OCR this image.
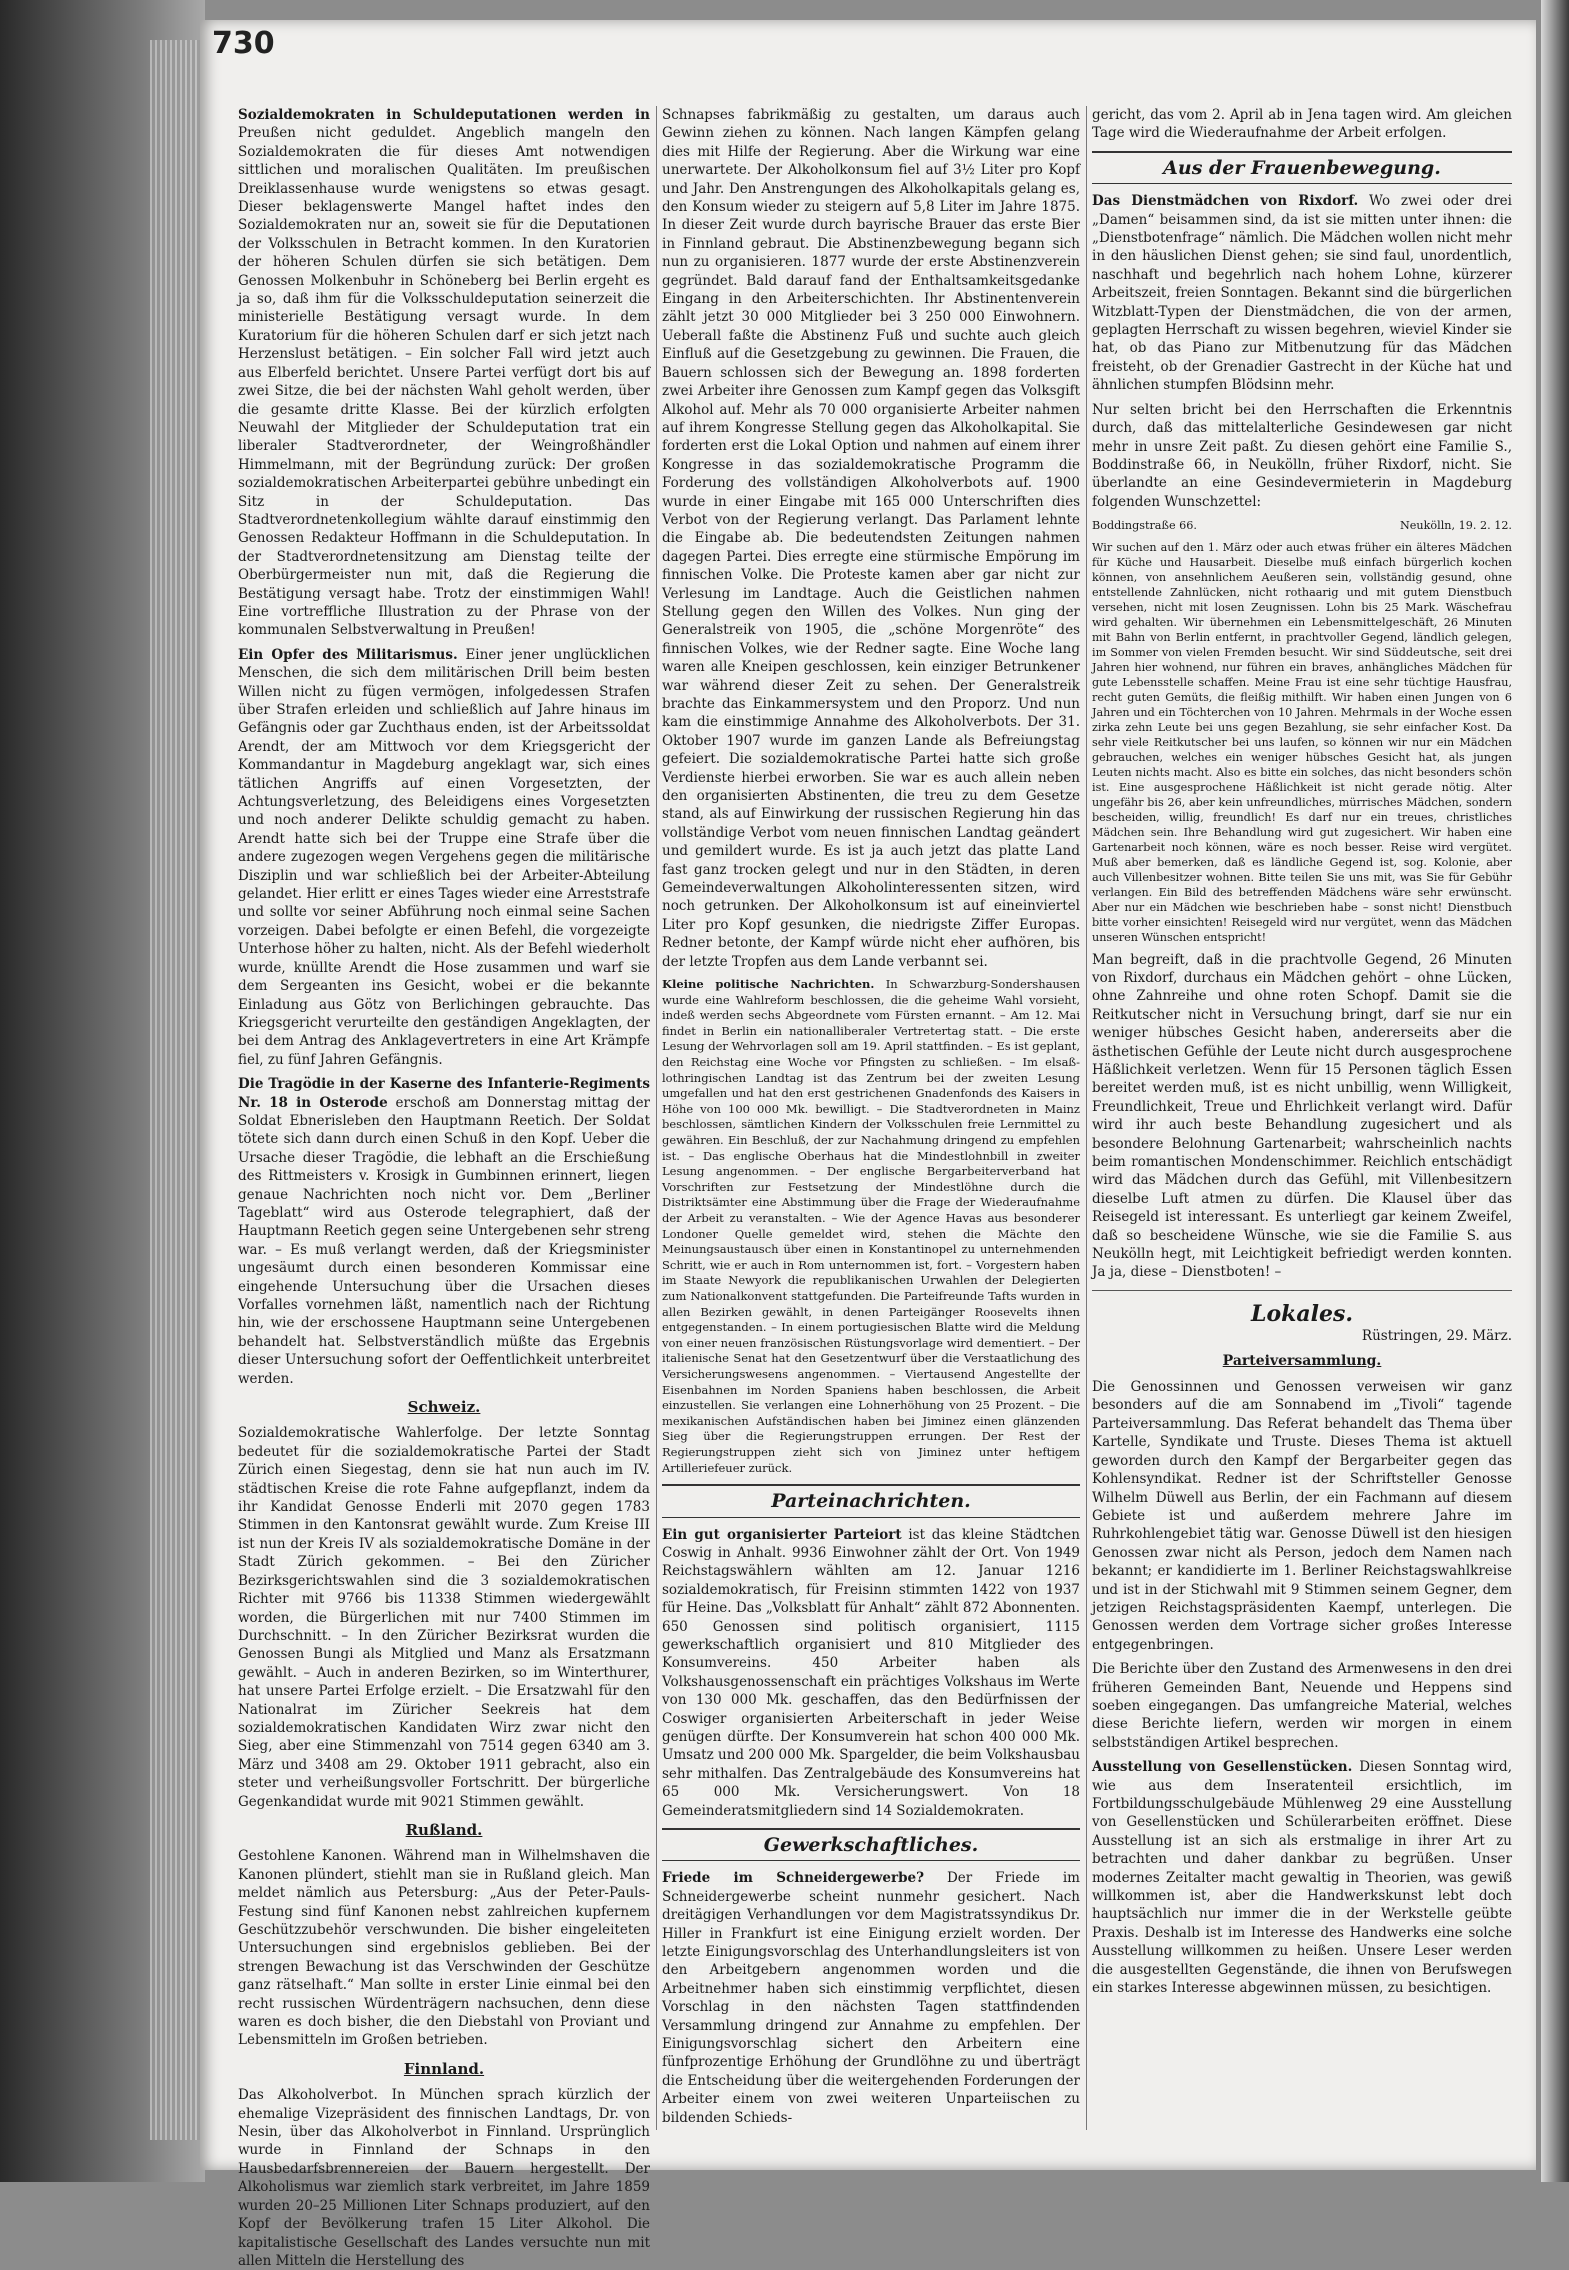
730

Sozialdemokraten in Schuldeputationen werden in Preußen nicht geduldet. Angeblich mangeln den Sozialdemokraten die für dieses Amt notwendigen sittlichen und moralischen Qualitäten. Im preußischen Dreiklassenhause wurde wenigstens so etwas gesagt. Dieser beklagenswerte Mangel haftet indes den Sozialdemokraten nur an, soweit sie für die Deputationen der Volksschulen in Betracht kommen. In den Kuratorien der höheren Schulen dürfen sie sich betätigen. Dem Genossen Molkenbuhr in Schöneberg bei Berlin ergeht es ja so, daß ihm für die Volksschuldeputation seinerzeit die ministerielle Bestätigung versagt wurde. In dem Kuratorium für die höheren Schulen darf er sich jetzt nach Herzenslust betätigen. – Ein solcher Fall wird jetzt auch aus Elberfeld berichtet. Unsere Partei verfügt dort bis auf zwei Sitze, die bei der nächsten Wahl geholt werden, über die gesamte dritte Klasse. Bei der kürzlich erfolgten Neuwahl der Mitglieder der Schuldeputation trat ein liberaler Stadtverordneter, der Weingroßhändler Himmelmann, mit der Begründung zurück: Der großen sozialdemokratischen Arbeiterpartei gebühre unbedingt ein Sitz in der Schuldeputation. Das Stadtverordnetenkollegium wählte darauf einstimmig den Genossen Redakteur Hoffmann in die Schuldeputation. In der Stadtverordnetensitzung am Dienstag teilte der Oberbürgermeister nun mit, daß die Regierung die Bestätigung versagt habe. Trotz der einstimmigen Wahl! Eine vortreffliche Illustration zu der Phrase von der kommunalen Selbstverwaltung in Preußen!

Ein Opfer des Militarismus. Einer jener unglücklichen Menschen, die sich dem militärischen Drill beim besten Willen nicht zu fügen vermögen, infolgedessen Strafen über Strafen erleiden und schließlich auf Jahre hinaus im Gefängnis oder gar Zuchthaus enden, ist der Arbeitssoldat Arendt, der am Mittwoch vor dem Kriegsgericht der Kommandantur in Magdeburg angeklagt war, sich eines tätlichen Angriffs auf einen Vorgesetzten, der Achtungsverletzung, des Beleidigens eines Vorgesetzten und noch anderer Delikte schuldig gemacht zu haben. Arendt hatte sich bei der Truppe eine Strafe über die andere zugezogen wegen Vergehens gegen die militärische Disziplin und war schließlich bei der Arbeiter-Abteilung gelandet. Hier erlitt er eines Tages wieder eine Arreststrafe und sollte vor seiner Abführung noch einmal seine Sachen vorzeigen. Dabei befolgte er einen Befehl, die vorgezeigte Unterhose höher zu halten, nicht. Als der Befehl wiederholt wurde, knüllte Arendt die Hose zusammen und warf sie dem Sergeanten ins Gesicht, wobei er die bekannte Einladung aus Götz von Berlichingen gebrauchte. Das Kriegsgericht verurteilte den geständigen Angeklagten, der bei dem Antrag des Anklagevertreters in eine Art Krämpfe fiel, zu fünf Jahren Gefängnis.

Die Tragödie in der Kaserne des Infanterie-Regiments Nr. 18 in Osterode erschoß am Donnerstag mittag der Soldat Ebnerisleben den Hauptmann Reetich. Der Soldat tötete sich dann durch einen Schuß in den Kopf. Ueber die Ursache dieser Tragödie, die lebhaft an die Erschießung des Rittmeisters v. Krosigk in Gumbinnen erinnert, liegen genaue Nachrichten noch nicht vor. Dem „Berliner Tageblatt“ wird aus Osterode telegraphiert, daß der Hauptmann Reetich gegen seine Untergebenen sehr streng war. – Es muß verlangt werden, daß der Kriegsminister ungesäumt durch einen besonderen Kommissar eine eingehende Untersuchung über die Ursachen dieses Vorfalles vornehmen läßt, namentlich nach der Richtung hin, wie der erschossene Hauptmann seine Untergebenen behandelt hat. Selbstverständlich müßte das Ergebnis dieser Untersuchung sofort der Oeffentlichkeit unterbreitet werden.

Schweiz.

Sozialdemokratische Wahlerfolge. Der letzte Sonntag bedeutet für die sozialdemokratische Partei der Stadt Zürich einen Siegestag, denn sie hat nun auch im IV. städtischen Kreise die rote Fahne aufgepflanzt, indem da ihr Kandidat Genosse Enderli mit 2070 gegen 1783 Stimmen in den Kantonsrat gewählt wurde. Zum Kreise III ist nun der Kreis IV als sozialdemokratische Domäne in der Stadt Zürich gekommen. – Bei den Züricher Bezirksgerichtswahlen sind die 3 sozialdemokratischen Richter mit 9766 bis 11338 Stimmen wiedergewählt worden, die Bürgerlichen mit nur 7400 Stimmen im Durchschnitt. – In den Züricher Bezirksrat wurden die Genossen Bungi als Mitglied und Manz als Ersatzmann gewählt. – Auch in anderen Bezirken, so im Winterthurer, hat unsere Partei Erfolge erzielt. – Die Ersatzwahl für den Nationalrat im Züricher Seekreis hat dem sozialdemokratischen Kandidaten Wirz zwar nicht den Sieg, aber eine Stimmenzahl von 7514 gegen 6340 am 3. März und 3408 am 29. Oktober 1911 gebracht, also ein steter und verheißungsvoller Fortschritt. Der bürgerliche Gegenkandidat wurde mit 9021 Stimmen gewählt.

Rußland.

Gestohlene Kanonen. Während man in Wilhelmshaven die Kanonen plündert, stiehlt man sie in Rußland gleich. Man meldet nämlich aus Petersburg: „Aus der Peter-Pauls-Festung sind fünf Kanonen nebst zahlreichen kupfernem Geschützzubehör verschwunden. Die bisher eingeleiteten Untersuchungen sind ergebnislos geblieben. Bei der strengen Bewachung ist das Verschwinden der Geschütze ganz rätselhaft.“ Man sollte in erster Linie einmal bei den recht russischen Würdenträgern nachsuchen, denn diese waren es doch bisher, die den Diebstahl von Proviant und Lebensmitteln im Großen betrieben.

Finnland.

Das Alkoholverbot. In München sprach kürzlich der ehemalige Vizepräsident des finnischen Landtags, Dr. von Nesin, über das Alkoholverbot in Finnland. Ursprünglich wurde in Finnland der Schnaps in den Hausbedarfsbrennereien der Bauern hergestellt. Der Alkoholismus war ziemlich stark verbreitet, im Jahre 1859 wurden 20–25 Millionen Liter Schnaps produziert, auf den Kopf der Bevölkerung trafen 15 Liter Alkohol. Die kapitalistische Gesellschaft des Landes versuchte nun mit allen Mitteln die Herstellung des

Schnapses fabrikmäßig zu gestalten, um daraus auch Gewinn ziehen zu können. Nach langen Kämpfen gelang dies mit Hilfe der Regierung. Aber die Wirkung war eine unerwartete. Der Alkoholkonsum fiel auf 3½ Liter pro Kopf und Jahr. Den Anstrengungen des Alkoholkapitals gelang es, den Konsum wieder zu steigern auf 5,8 Liter im Jahre 1875. In dieser Zeit wurde durch bayrische Brauer das erste Bier in Finnland gebraut. Die Abstinenzbewegung begann sich nun zu organisieren. 1877 wurde der erste Abstinenzverein gegründet. Bald darauf fand der Enthaltsamkeitsgedanke Eingang in den Arbeiterschichten. Ihr Abstinentenverein zählt jetzt 30 000 Mitglieder bei 3 250 000 Einwohnern. Ueberall faßte die Abstinenz Fuß und suchte auch gleich Einfluß auf die Gesetzgebung zu gewinnen. Die Frauen, die Bauern schlossen sich der Bewegung an. 1898 forderten zwei Arbeiter ihre Genossen zum Kampf gegen das Volksgift Alkohol auf. Mehr als 70 000 organisierte Arbeiter nahmen auf ihrem Kongresse Stellung gegen das Alkoholkapital. Sie forderten erst die Lokal Option und nahmen auf einem ihrer Kongresse in das sozialdemokratische Programm die Forderung des vollständigen Alkoholverbots auf. 1900 wurde in einer Eingabe mit 165 000 Unterschriften dies Verbot von der Regierung verlangt. Das Parlament lehnte die Eingabe ab. Die bedeutendsten Zeitungen nahmen dagegen Partei. Dies erregte eine stürmische Empörung im finnischen Volke. Die Proteste kamen aber gar nicht zur Verlesung im Landtage. Auch die Geistlichen nahmen Stellung gegen den Willen des Volkes. Nun ging der Generalstreik von 1905, die „schöne Morgenröte“ des finnischen Volkes, wie der Redner sagte. Eine Woche lang waren alle Kneipen geschlossen, kein einziger Betrunkener war während dieser Zeit zu sehen. Der Generalstreik brachte das Einkammersystem und den Proporz. Und nun kam die einstimmige Annahme des Alkoholverbots. Der 31. Oktober 1907 wurde im ganzen Lande als Befreiungstag gefeiert. Die sozialdemokratische Partei hatte sich große Verdienste hierbei erworben. Sie war es auch allein neben den organisierten Abstinenten, die treu zu dem Gesetze stand, als auf Einwirkung der russischen Regierung hin das vollständige Verbot vom neuen finnischen Landtag geändert und gemildert wurde. Es ist ja auch jetzt das platte Land fast ganz trocken gelegt und nur in den Städten, in deren Gemeindeverwaltungen Alkoholinteressenten sitzen, wird noch getrunken. Der Alkoholkonsum ist auf eineinviertel Liter pro Kopf gesunken, die niedrigste Ziffer Europas. Redner betonte, der Kampf würde nicht eher aufhören, bis der letzte Tropfen aus dem Lande verbannt sei.

Kleine politische Nachrichten. In Schwarzburg-Sondershausen wurde eine Wahlreform beschlossen, die die geheime Wahl vorsieht, indeß werden sechs Abgeordnete vom Fürsten ernannt. – Am 12. Mai findet in Berlin ein nationalliberaler Vertretertag statt. – Die erste Lesung der Wehrvorlagen soll am 19. April stattfinden. – Es ist geplant, den Reichstag eine Woche vor Pfingsten zu schließen. – Im elsaß-lothringischen Landtag ist das Zentrum bei der zweiten Lesung umgefallen und hat den erst gestrichenen Gnadenfonds des Kaisers in Höhe von 100 000 Mk. bewilligt. – Die Stadtverordneten in Mainz beschlossen, sämtlichen Kindern der Volksschulen freie Lernmittel zu gewähren. Ein Beschluß, der zur Nachahmung dringend zu empfehlen ist. – Das englische Oberhaus hat die Mindestlohnbill in zweiter Lesung angenommen. – Der englische Bergarbeiterverband hat Vorschriften zur Festsetzung der Mindestlöhne durch die Distriktsämter eine Abstimmung über die Frage der Wiederaufnahme der Arbeit zu veranstalten. – Wie der Agence Havas aus besonderer Londoner Quelle gemeldet wird, stehen die Mächte den Meinungsaustausch über einen in Konstantinopel zu unternehmenden Schritt, wie er auch in Rom unternommen ist, fort. – Vorgestern haben im Staate Newyork die republikanischen Urwahlen der Delegierten zum Nationalkonvent stattgefunden. Die Parteifreunde Tafts wurden in allen Bezirken gewählt, in denen Parteigänger Roosevelts ihnen entgegenstanden. – In einem portugiesischen Blatte wird die Meldung von einer neuen französischen Rüstungsvorlage wird dementiert. – Der italienische Senat hat den Gesetzentwurf über die Verstaatlichung des Versicherungswesens angenommen. – Viertausend Angestellte der Eisenbahnen im Norden Spaniens haben beschlossen, die Arbeit einzustellen. Sie verlangen eine Lohnerhöhung von 25 Prozent. – Die mexikanischen Aufständischen haben bei Jiminez einen glänzenden Sieg über die Regierungstruppen errungen. Der Rest der Regierungstruppen zieht sich von Jiminez unter heftigem Artilleriefeuer zurück.

Parteinachrichten.

Ein gut organisierter Parteiort ist das kleine Städtchen Coswig in Anhalt. 9936 Einwohner zählt der Ort. Von 1949 Reichstagswählern wählten am 12. Januar 1216 sozialdemokratisch, für Freisinn stimmten 1422 von 1937 für Heine. Das „Volksblatt für Anhalt“ zählt 872 Abonnenten. 650 Genossen sind politisch organisiert, 1115 gewerkschaftlich organisiert und 810 Mitglieder des Konsumvereins. 450 Arbeiter haben als Volkshausgenossenschaft ein prächtiges Volkshaus im Werte von 130 000 Mk. geschaffen, das den Bedürfnissen der Coswiger organisierten Arbeiterschaft in jeder Weise genügen dürfte. Der Konsumverein hat schon 400 000 Mk. Umsatz und 200 000 Mk. Spargelder, die beim Volkshausbau sehr mithalfen. Das Zentralgebäude des Konsumvereins hat 65 000 Mk. Versicherungswert. Von 18 Gemeinderatsmitgliedern sind 14 Sozialdemokraten.

Gewerkschaftliches.

Friede im Schneidergewerbe? Der Friede im Schneidergewerbe scheint nunmehr gesichert. Nach dreitägigen Verhandlungen vor dem Magistratssyndikus Dr. Hiller in Frankfurt ist eine Einigung erzielt worden. Der letzte Einigungsvorschlag des Unterhandlungsleiters ist von den Arbeitgebern angenommen worden und die Arbeitnehmer haben sich einstimmig verpflichtet, diesen Vorschlag in den nächsten Tagen stattfindenden Versammlung dringend zur Annahme zu empfehlen. Der Einigungsvorschlag sichert den Arbeitern eine fünfprozentige Erhöhung der Grundlöhne zu und überträgt die Entscheidung über die weitergehenden Forderungen der Arbeiter einem von zwei weiteren Unparteiischen zu bildenden Schieds-

gericht, das vom 2. April ab in Jena tagen wird. Am gleichen Tage wird die Wiederaufnahme der Arbeit erfolgen.

Aus der Frauenbewegung.

Das Dienstmädchen von Rixdorf. Wo zwei oder drei „Damen“ beisammen sind, da ist sie mitten unter ihnen: die „Dienstbotenfrage“ nämlich. Die Mädchen wollen nicht mehr in den häuslichen Dienst gehen; sie sind faul, unordentlich, naschhaft und begehrlich nach hohem Lohne, kürzerer Arbeitszeit, freien Sonntagen. Bekannt sind die bürgerlichen Witzblatt-Typen der Dienstmädchen, die von der armen, geplagten Herrschaft zu wissen begehren, wieviel Kinder sie hat, ob das Piano zur Mitbenutzung für das Mädchen freisteht, ob der Grenadier Gastrecht in der Küche hat und ähnlichen stumpfen Blödsinn mehr.

Nur selten bricht bei den Herrschaften die Erkenntnis durch, daß das mittelalterliche Gesindewesen gar nicht mehr in unsre Zeit paßt. Zu diesen gehört eine Familie S., Boddinstraße 66, in Neukölln, früher Rixdorf, nicht. Sie überlandte an eine Gesindevermieterin in Magdeburg folgenden Wunschzettel:

Boddingstraße 66.	Neukölln, 19. 2. 12.

Wir suchen auf den 1. März oder auch etwas früher ein älteres Mädchen für Küche und Hausarbeit. Dieselbe muß einfach bürgerlich kochen können, von ansehnlichem Aeußeren sein, vollständig gesund, ohne entstellende Zahnlücken, nicht rothaarig und mit gutem Dienstbuch versehen, nicht mit losen Zeugnissen. Lohn bis 25 Mark. Wäschefrau wird gehalten. Wir übernehmen ein Lebensmittelgeschäft, 26 Minuten mit Bahn von Berlin entfernt, in prachtvoller Gegend, ländlich gelegen, im Sommer von vielen Fremden besucht. Wir sind Süddeutsche, seit drei Jahren hier wohnend, nur führen ein braves, anhängliches Mädchen für gute Lebensstelle schaffen. Meine Frau ist eine sehr tüchtige Hausfrau, recht guten Gemüts, die fleißig mithilft. Wir haben einen Jungen von 6 Jahren und ein Töchterchen von 10 Jahren. Mehrmals in der Woche essen zirka zehn Leute bei uns gegen Bezahlung, sie sehr einfacher Kost. Da sehr viele Reitkutscher bei uns laufen, so können wir nur ein Mädchen gebrauchen, welches ein weniger hübsches Gesicht hat, als jungen Leuten nichts macht. Also es bitte ein solches, das nicht besonders schön ist. Eine ausgesprochene Häßlichkeit ist nicht gerade nötig. Alter ungefähr bis 26, aber kein unfreundliches, mürrisches Mädchen, sondern bescheiden, willig, freundlich! Es darf nur ein treues, christliches Mädchen sein. Ihre Behandlung wird gut zugesichert. Wir haben eine Gartenarbeit noch können, wäre es noch besser. Reise wird vergütet. Muß aber bemerken, daß es ländliche Gegend ist, sog. Kolonie, aber auch Villenbesitzer wohnen. Bitte teilen Sie uns mit, was Sie für Gebühr verlangen. Ein Bild des betreffenden Mädchens wäre sehr erwünscht. Aber nur ein Mädchen wie beschrieben habe – sonst nicht! Dienstbuch bitte vorher einsichten! Reisegeld wird nur vergütet, wenn das Mädchen unseren Wünschen entspricht!

Man begreift, daß in die prachtvolle Gegend, 26 Minuten von Rixdorf, durchaus ein Mädchen gehört – ohne Lücken, ohne Zahnreihe und ohne roten Schopf. Damit sie die Reitkutscher nicht in Versuchung bringt, darf sie nur ein weniger hübsches Gesicht haben, andererseits aber die ästhetischen Gefühle der Leute nicht durch ausgesprochene Häßlichkeit verletzen. Wenn für 15 Personen täglich Essen bereitet werden muß, ist es nicht unbillig, wenn Willigkeit, Freundlichkeit, Treue und Ehrlichkeit verlangt wird. Dafür wird ihr auch beste Behandlung zugesichert und als besondere Belohnung Gartenarbeit; wahrscheinlich nachts beim romantischen Mondenschimmer. Reichlich entschädigt wird das Mädchen durch das Gefühl, mit Villenbesitzern dieselbe Luft atmen zu dürfen. Die Klausel über das Reisegeld ist interessant. Es unterliegt gar keinem Zweifel, daß so bescheidene Wünsche, wie sie die Familie S. aus Neukölln hegt, mit Leichtigkeit befriedigt werden konnten. Ja ja, diese – Dienstboten! –

Lokales.
Rüstringen, 29. März.
Parteiversammlung.

Die Genossinnen und Genossen verweisen wir ganz besonders auf die am Sonnabend im „Tivoli“ tagende Parteiversammlung. Das Referat behandelt das Thema über Kartelle, Syndikate und Truste. Dieses Thema ist aktuell geworden durch den Kampf der Bergarbeiter gegen das Kohlensyndikat. Redner ist der Schriftsteller Genosse Wilhelm Düwell aus Berlin, der ein Fachmann auf diesem Gebiete ist und außerdem mehrere Jahre im Ruhrkohlengebiet tätig war. Genosse Düwell ist den hiesigen Genossen zwar nicht als Person, jedoch dem Namen nach bekannt; er kandidierte im 1. Berliner Reichstagswahlkreise und ist in der Stichwahl mit 9 Stimmen seinem Gegner, dem jetzigen Reichstagspräsidenten Kaempf, unterlegen. Die Genossen werden dem Vortrage sicher großes Interesse entgegenbringen.

Die Berichte über den Zustand des Armenwesens in den drei früheren Gemeinden Bant, Neuende und Heppens sind soeben eingegangen. Das umfangreiche Material, welches diese Berichte liefern, werden wir morgen in einem selbstständigen Artikel besprechen.

Ausstellung von Gesellenstücken. Diesen Sonntag wird, wie aus dem Inseratenteil ersichtlich, im Fortbildungsschulgebäude Mühlenweg 29 eine Ausstellung von Gesellenstücken und Schülerarbeiten eröffnet. Diese Ausstellung ist an sich als erstmalige in ihrer Art zu betrachten und daher dankbar zu begrüßen. Unser modernes Zeitalter macht gewaltig in Theorien, was gewiß willkommen ist, aber die Handwerkskunst lebt doch hauptsächlich nur immer die in der Werkstelle geübte Praxis. Deshalb ist im Interesse des Handwerks eine solche Ausstellung willkommen zu heißen. Unsere Leser werden die ausgestellten Gegenstände, die ihnen von Berufswegen ein starkes Interesse abgewinnen müssen, zu besichtigen.
